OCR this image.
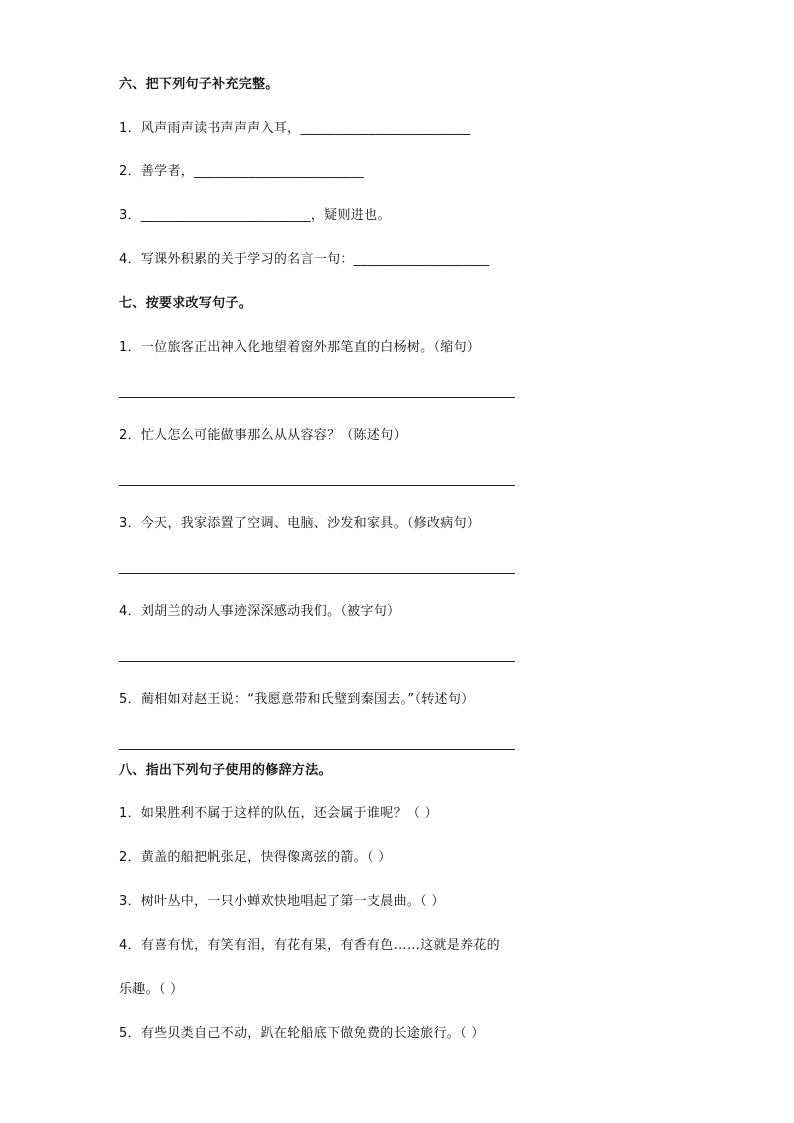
六、把下列句子补充完整。
1．风声雨声读书声声声入耳，_________________________
2．善学者，_________________________
3．_________________________，疑则进也。
4．写课外积累的关于学习的名言一句：____________________
七、按要求改写句子。
1．一位旅客正出神入化地望着窗外那笔直的白杨树。（缩句）
2．忙人怎么可能做事那么从从容容？（陈述句）
3．今天，我家添置了空调、电脑、沙发和家具。（修改病句）
4．刘胡兰的动人事迹深深感动我们。（被字句）
5．蔺相如对赵王说：“我愿意带和氏璧到秦国去。”（转述句）
八、指出下列句子使用的修辞方法。
1．如果胜利不属于这样的队伍，还会属于谁呢？（ ）
2．黄盖的船把帆张足，快得像离弦的箭。（ ）
3．树叶丛中，一只小蝉欢快地唱起了第一支晨曲。（ ）
4．有喜有忧，有笑有泪，有花有果，有香有色……这就是养花的
乐趣。（ ）
5．有些贝类自己不动，趴在轮船底下做免费的长途旅行。（ ）
